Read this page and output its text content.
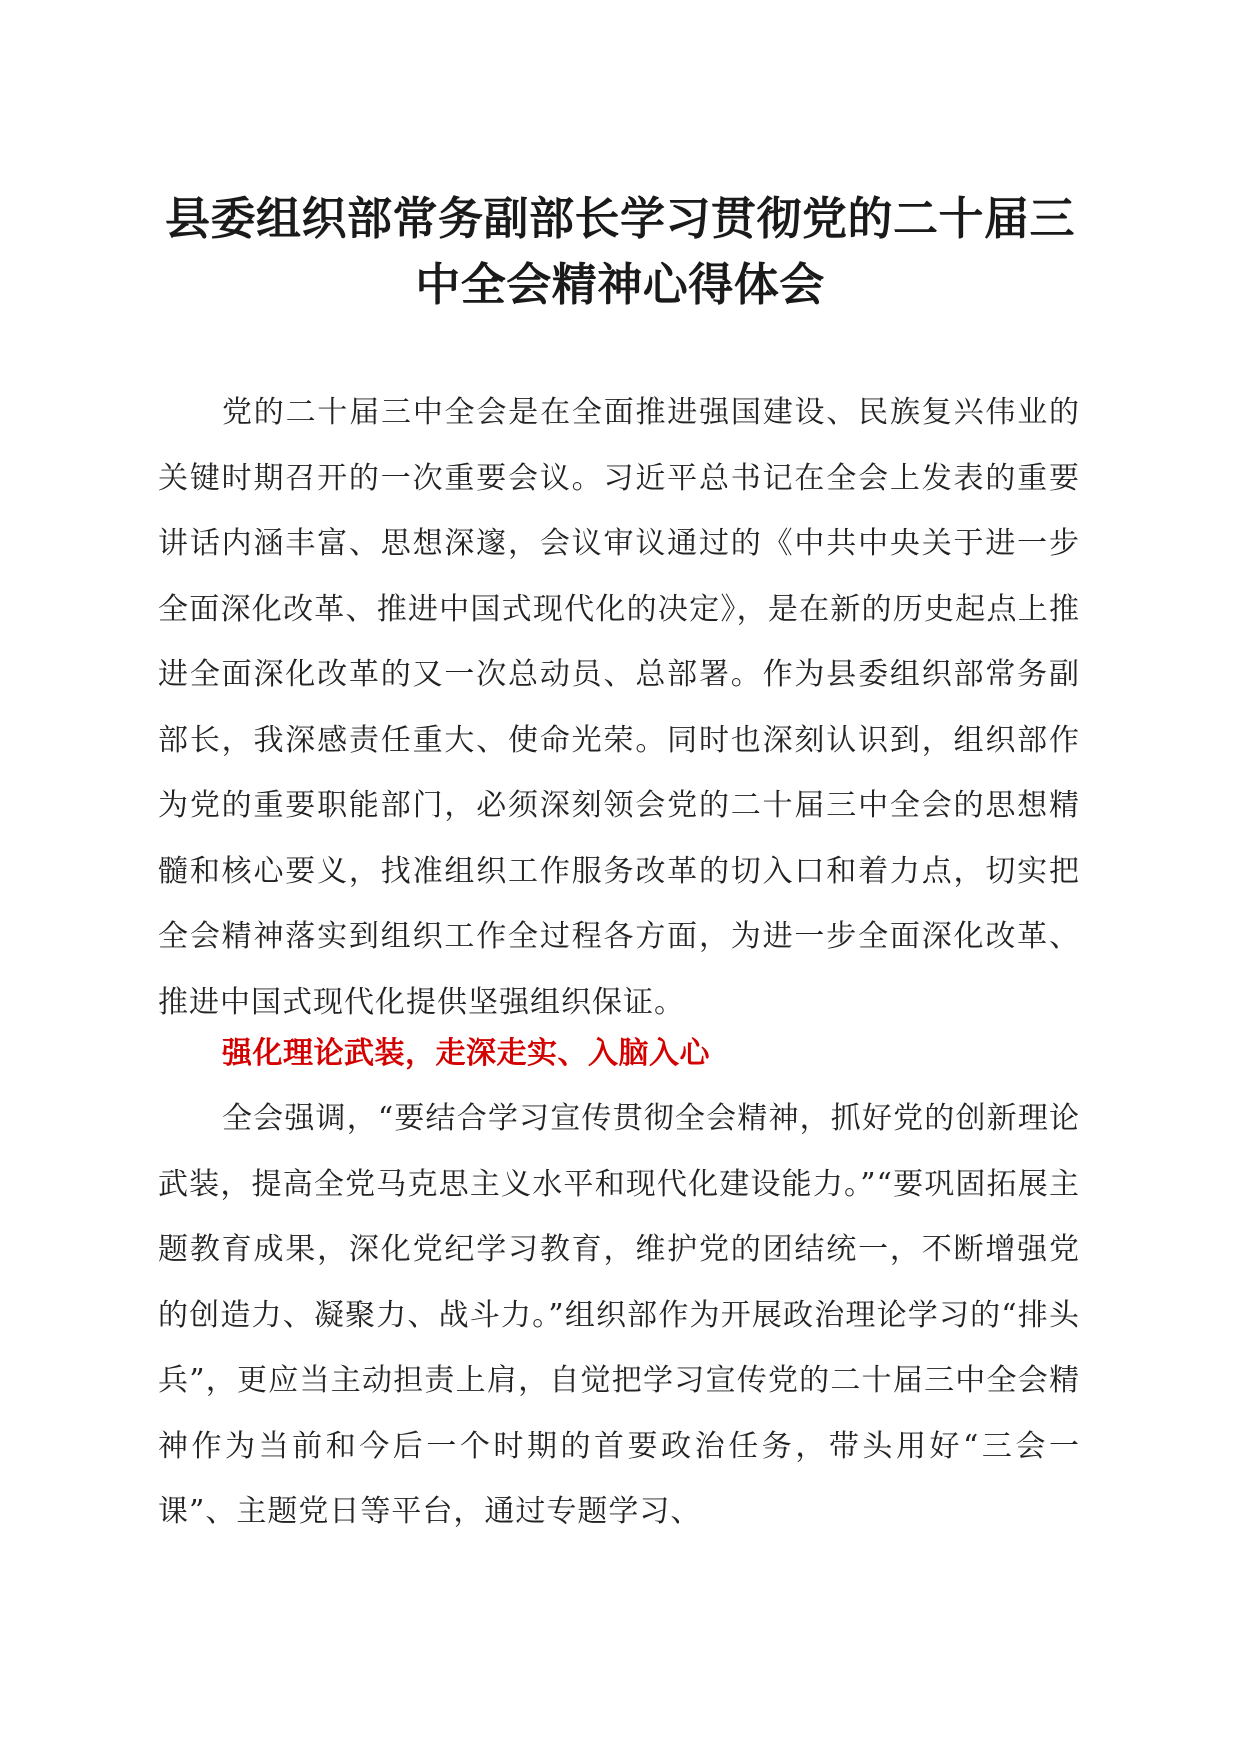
县委组织部常务副部长学习贯彻党的二十届三中全会精神心得体会

党的二十届三中全会是在全面推进强国建设、民族复兴伟业的关键时期召开的一次重要会议。习近平总书记在全会上发表的重要讲话内涵丰富、思想深邃，会议审议通过的《中共中央关于进一步全面深化改革、推进中国式现代化的决定》，是在新的历史起点上推进全面深化改革的又一次总动员、总部署。作为县委组织部常务副部长，我深感责任重大、使命光荣。同时也深刻认识到，组织部作为党的重要职能部门，必须深刻领会党的二十届三中全会的思想精髓和核心要义，找准组织工作服务改革的切入口和着力点，切实把全会精神落实到组织工作全过程各方面，为进一步全面深化改革、推进中国式现代化提供坚强组织保证。

强化理论武装，走深走实、入脑入心

全会强调，“要结合学习宣传贯彻全会精神，抓好党的创新理论武装，提高全党马克思主义水平和现代化建设能力。”“要巩固拓展主题教育成果，深化党纪学习教育，维护党的团结统一，不断增强党的创造力、凝聚力、战斗力。”组织部作为开展政治理论学习的“排头兵”，更应当主动担责上肩，自觉把学习宣传党的二十届三中全会精神作为当前和今后一个时期的首要政治任务，带头用好“三会一课”、主题党日等平台，通过专题学习、
